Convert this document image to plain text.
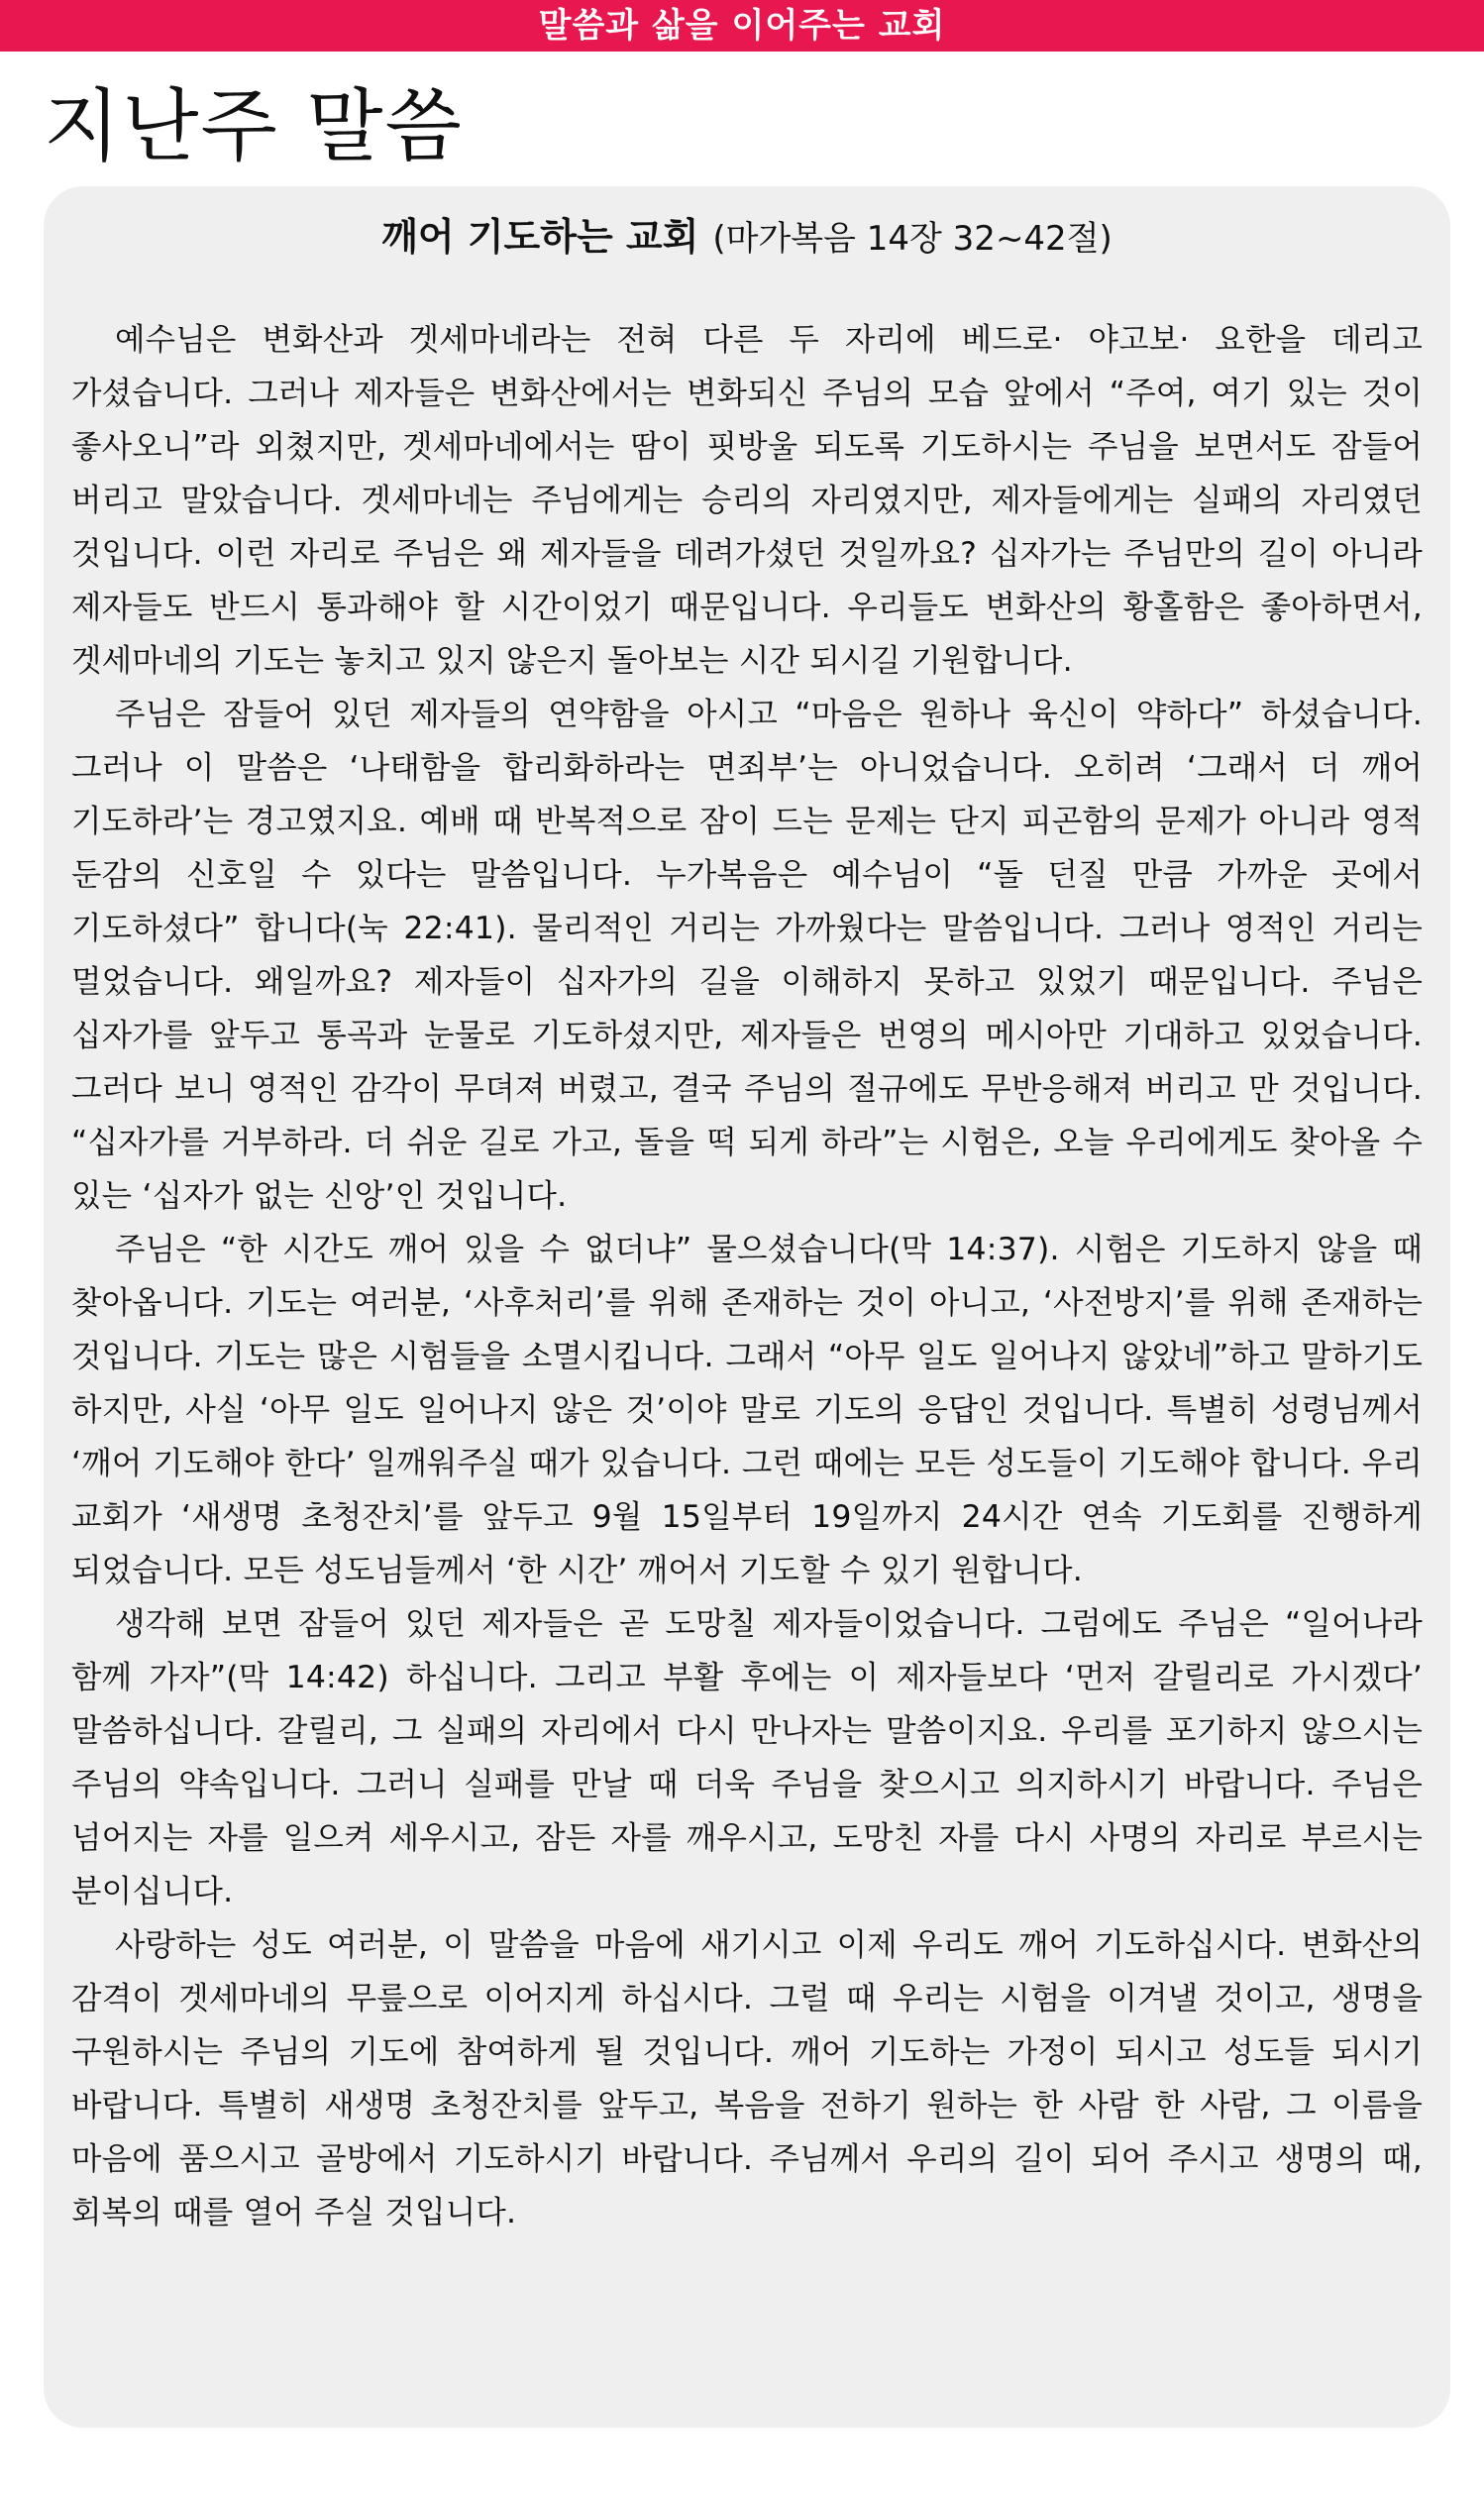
말씀과 삶을 이어주는 교회
지난주 말씀
깨어 기도하는 교회 (마가복음 14장 32~42절)

예수님은 변화산과 겟세마네라는 전혀 다른 두 자리에 베드로· 야고보· 요한을 데리고 가셨습니다. 그러나 제자들은 변화산에서는 변화되신 주님의 모습 앞에서 “주여, 여기 있는 것이 좋사오니”라 외쳤지만, 겟세마네에서는 땀이 핏방울 되도록 기도하시는 주님을 보면서도 잠들어 버리고 말았습니다. 겟세마네는 주님에게는 승리의 자리였지만, 제자들에게는 실패의 자리였던 것입니다. 이런 자리로 주님은 왜 제자들을 데려가셨던 것일까요? 십자가는 주님만의 길이 아니라 제자들도 반드시 통과해야 할 시간이었기 때문입니다. 우리들도 변화산의 황홀함은 좋아하면서, 겟세마네의 기도는 놓치고 있지 않은지 돌아보는 시간 되시길 기원합니다.

주님은 잠들어 있던 제자들의 연약함을 아시고 “마음은 원하나 육신이 약하다” 하셨습니다. 그러나 이 말씀은 ‘나태함을 합리화하라는 면죄부’는 아니었습니다. 오히려 ‘그래서 더 깨어 기도하라’는 경고였지요. 예배 때 반복적으로 잠이 드는 문제는 단지 피곤함의 문제가 아니라 영적 둔감의 신호일 수 있다는 말씀입니다. 누가복음은 예수님이 “돌 던질 만큼 가까운 곳에서 기도하셨다” 합니다(눅 22:41). 물리적인 거리는 가까웠다는 말씀입니다. 그러나 영적인 거리는 멀었습니다. 왜일까요? 제자들이 십자가의 길을 이해하지 못하고 있었기 때문입니다. 주님은 십자가를 앞두고 통곡과 눈물로 기도하셨지만, 제자들은 번영의 메시아만 기대하고 있었습니다. 그러다 보니 영적인 감각이 무뎌져 버렸고, 결국 주님의 절규에도 무반응해져 버리고 만 것입니다. “십자가를 거부하라. 더 쉬운 길로 가고, 돌을 떡 되게 하라”는 시험은, 오늘 우리에게도 찾아올 수 있는 ‘십자가 없는 신앙’인 것입니다.

주님은 “한 시간도 깨어 있을 수 없더냐” 물으셨습니다(막 14:37). 시험은 기도하지 않을 때 찾아옵니다. 기도는 여러분, ‘사후처리’를 위해 존재하는 것이 아니고, ‘사전방지’를 위해 존재하는 것입니다. 기도는 많은 시험들을 소멸시킵니다. 그래서 “아무 일도 일어나지 않았네”하고 말하기도 하지만, 사실 ‘아무 일도 일어나지 않은 것’이야 말로 기도의 응답인 것입니다. 특별히 성령님께서 ‘깨어 기도해야 한다’ 일깨워주실 때가 있습니다. 그런 때에는 모든 성도들이 기도해야 합니다. 우리 교회가 ‘새생명 초청잔치’를 앞두고 9월 15일부터 19일까지 24시간 연속 기도회를 진행하게 되었습니다. 모든 성도님들께서 ‘한 시간’ 깨어서 기도할 수 있기 원합니다.

생각해 보면 잠들어 있던 제자들은 곧 도망칠 제자들이었습니다. 그럼에도 주님은 “일어나라 함께 가자”(막 14:42) 하십니다. 그리고 부활 후에는 이 제자들보다 ‘먼저 갈릴리로 가시겠다’ 말씀하십니다. 갈릴리, 그 실패의 자리에서 다시 만나자는 말씀이지요. 우리를 포기하지 않으시는 주님의 약속입니다. 그러니 실패를 만날 때 더욱 주님을 찾으시고 의지하시기 바랍니다. 주님은 넘어지는 자를 일으켜 세우시고, 잠든 자를 깨우시고, 도망친 자를 다시 사명의 자리로 부르시는 분이십니다.

사랑하는 성도 여러분, 이 말씀을 마음에 새기시고 이제 우리도 깨어 기도하십시다. 변화산의 감격이 겟세마네의 무릎으로 이어지게 하십시다. 그럴 때 우리는 시험을 이겨낼 것이고, 생명을 구원하시는 주님의 기도에 참여하게 될 것입니다. 깨어 기도하는 가정이 되시고 성도들 되시기 바랍니다. 특별히 새생명 초청잔치를 앞두고, 복음을 전하기 원하는 한 사람 한 사람, 그 이름을 마음에 품으시고 골방에서 기도하시기 바랍니다. 주님께서 우리의 길이 되어 주시고 생명의 때, 회복의 때를 열어 주실 것입니다.
